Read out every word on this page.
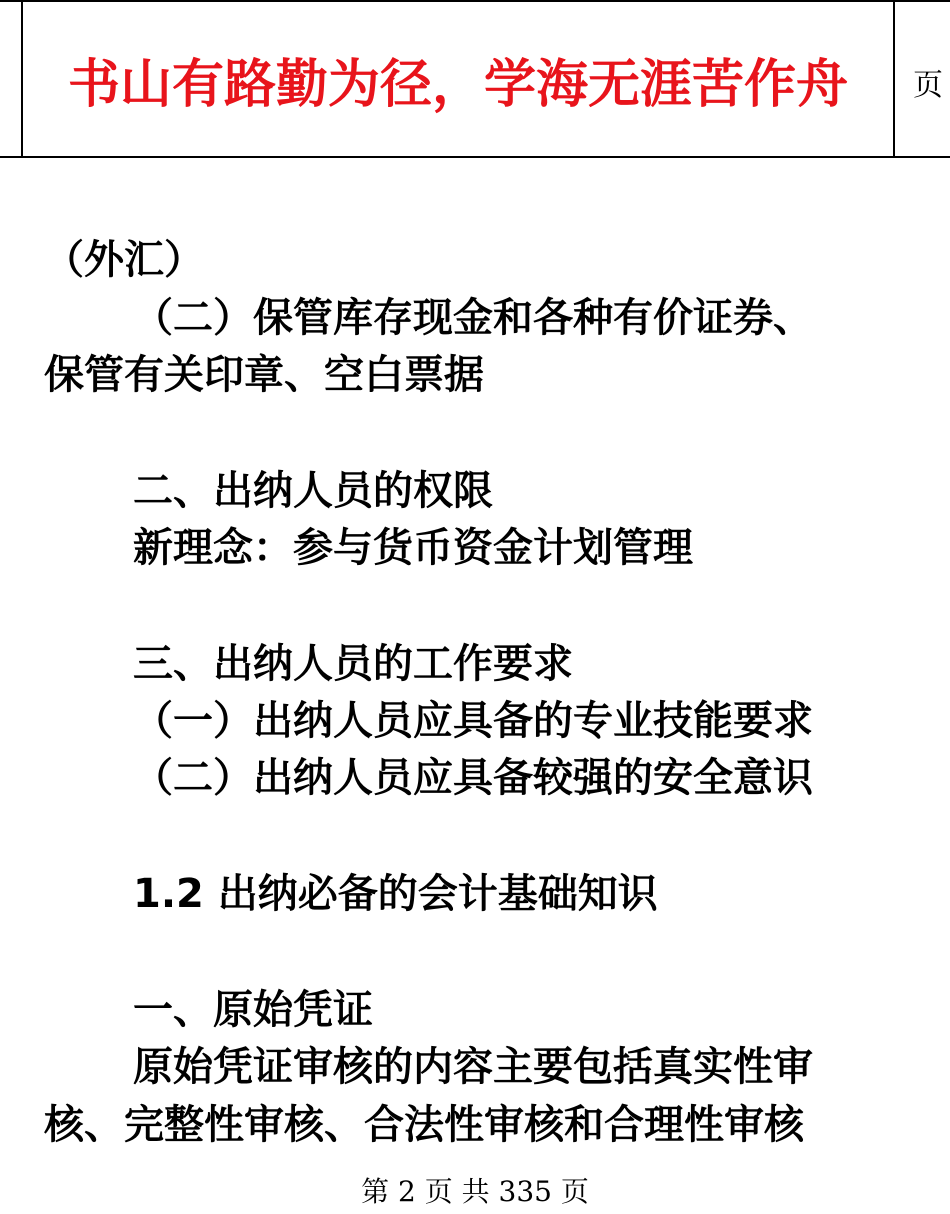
书山有路勤为径，学海无涯苦作舟	页
（外汇）
（二）保管库存现金和各种有价证券、
保管有关印章、空白票据
二、出纳人员的权限
新理念：参与货币资金计划管理
三、出纳人员的工作要求
（一）出纳人员应具备的专业技能要求
（二）出纳人员应具备较强的安全意识
1.2 出纳必备的会计基础知识
一、原始凭证
原始凭证审核的内容主要包括真实性审
核、完整性审核、合法性审核和合理性审核
第 2 页 共 335 页
